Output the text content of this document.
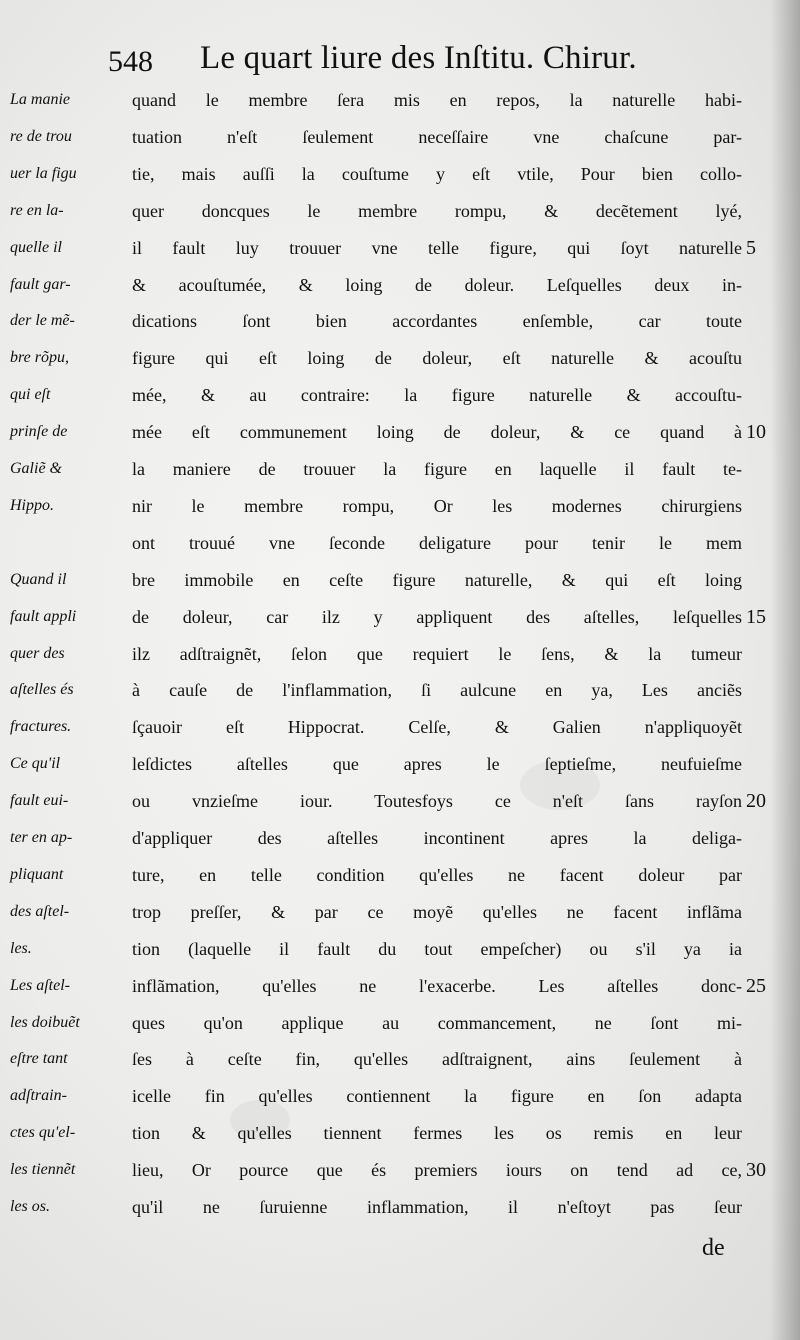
548 Le quart liure des Inſtitu. Chirur.
La manie
re de trou
uer la figu
re en la-
quelle il
fault gar-
der le mẽ-
bre rõpu,
qui eſt
prinſe de
Galiẽ &
Hippo.
Quand il
fault appli
quer des
aſtelles és
fractures.
Ce qu'il
fault eui-
ter en ap-
pliquant
des aſtel-
les.
Les aſtel-
les doibuẽt
eſtre tant
adſtrain-
ctes qu'el-
les tiennẽt
les os.
quand le membre ſera mis en repos, la naturelle habi-
tuation n'eſt ſeulement neceſſaire vne chaſcune par-
tie, mais auſſi la couſtume y eſt vtile, Pour bien collo-
quer doncques le membre rompu, & decẽtement lyé,
il fault luy trouuer vne telle figure, qui ſoyt naturelle
& acouſtumée, & loing de doleur. Leſquelles deux in-
dications ſont bien accordantes enſemble, car toute
figure qui eſt loing de doleur, eſt naturelle & acouſtu
mée, & au contraire: la figure naturelle & accouſtu-
mée eſt communement loing de doleur, & ce quand à
la maniere de trouuer la figure en laquelle il fault te-
nir le membre rompu, Or les modernes chirurgiens
ont trouué vne ſeconde deligature pour tenir le mem
bre immobile en ceſte figure naturelle, & qui eſt loing
de doleur, car ilz y appliquent des aſtelles, leſquelles
ilz adſtraignẽt, ſelon que requiert le ſens, & la tumeur
à cauſe de l'inflammation, ſi aulcune en ya, Les anciẽs
ſçauoir eſt Hippocrat. Celſe, & Galien n'appliquoyẽt
leſdictes aſtelles que apres le ſeptieſme, neufuieſme
ou vnzieſme iour. Toutesfoys ce n'eſt ſans rayſon
d'appliquer des aſtelles incontinent apres la deliga-
ture, en telle condition qu'elles ne facent doleur par
trop preſſer, & par ce moyẽ qu'elles ne facent inflãma
tion (laquelle il fault du tout empeſcher) ou s'il ya ia
inflãmation, qu'elles ne l'exacerbe. Les aſtelles donc-
ques qu'on applique au commancement, ne ſont mi-
ſes à ceſte fin, qu'elles adſtraignent, ains ſeulement à
icelle fin qu'elles contiennent la figure en ſon adapta
tion & qu'elles tiennent fermes les os remis en leur
lieu, Or pource que és premiers iours on tend ad ce,
qu'il ne ſuruienne inflammation, il n'eſtoyt pas ſeur
5
10
15
20
25
30
de
